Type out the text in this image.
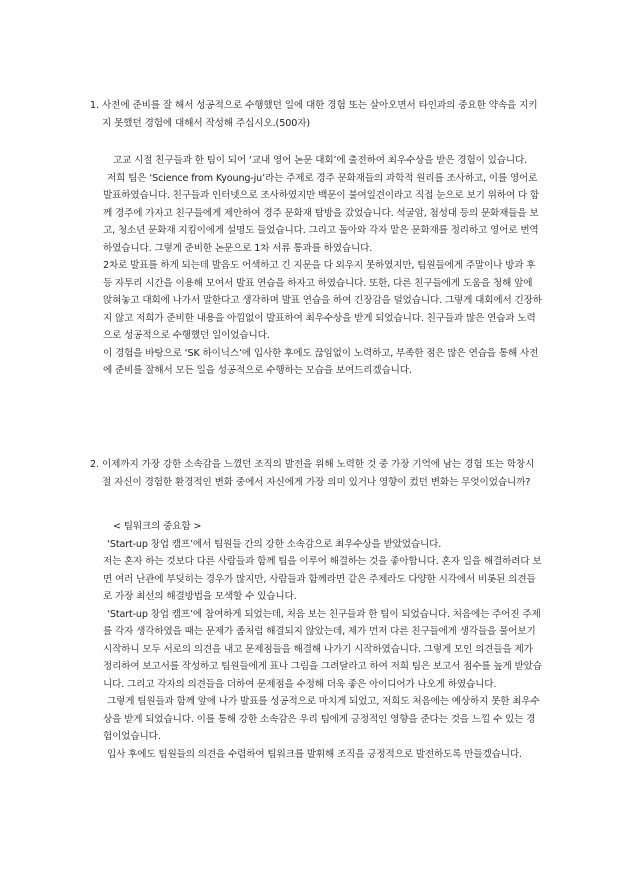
1. 사전에 준비를 잘 해서 성공적으로 수행했던 일에 대한 경험 또는 살아오면서 타인과의 중요한 약속을 지키지 못했던 경험에 대해서 작성해 주십시오.(500자)

고교 시절 친구들과 한 팀이 되어 ‘교내 영어 논문 대회’에 출전하여 최우수상을 받은 경험이 있습니다.

저희 팀은 ‘Science from Kyoung-ju’라는 주제로 경주 문화재들의 과학적 원리를 조사하고, 이를 영어로 발표하였습니다. 친구들과 인터넷으로 조사하였지만 백문이 불여일견이라고 직접 눈으로 보기 위하여 다 함께 경주에 가자고 친구들에게 제안하여 경주 문화재 탐방을 갔었습니다. 석굴암, 첨성대 등의 문화재들을 보고, 청소년 문화재 지킴이에게 설명도 들었습니다. 그리고 돌아와 각자 맡은 문화재를 정리하고 영어로 번역하였습니다. 그렇게 준비한 논문으로 1차 서류 통과를 하였습니다.

2차로 발표를 하게 되는데 발음도 어색하고 긴 지문을 다 외우지 못하였지만, 팀원들에게 주말이나 방과 후 등 자투리 시간을 이용해 모여서 발표 연습을 하자고 하였습니다. 또한, 다른 친구들에게 도움을 청해 앞에 앉혀놓고 대회에 나가서 말한다고 생각하며 발표 연습을 하여 긴장감을 덜었습니다. 그렇게 대회에서 긴장하지 않고 저희가 준비한 내용을 아낌없이 발표하여 최우수상을 받게 되었습니다. 친구들과 많은 연습과 노력으로 성공적으로 수행했던 일이었습니다.

이 경험을 바탕으로 ‘SK 하이닉스’에 입사한 후에도 끊임없이 노력하고, 부족한 점은 많은 연습을 통해 사전에 준비를 잘해서 모든 일을 성공적으로 수행하는 모습을 보여드리겠습니다.

2. 이제까지 가장 강한 소속감을 느꼈던 조직의 발전을 위해 노력한 것 중 가장 기억에 남는 경험 또는 학창시절 자신이 경험한 환경적인 변화 중에서 자신에게 가장 의미 있거나 영향이 컸던 변화는 무엇이었습니까?

< 팀워크의 중요함 >

‘Start-up 창업 캠프’에서 팀원들 간의 강한 소속감으로 최우수상을 받았었습니다.

저는 혼자 하는 것보다 다른 사람들과 함께 팀을 이루어 해결하는 것을 좋아합니다. 혼자 일을 해결하려다 보면 여러 난관에 부딪히는 경우가 많지만, 사람들과 함께라면 같은 주제라도 다양한 시각에서 비롯된 의견들로 가장 최선의 해결방법을 모색할 수 있습니다.

‘Start-up 창업 캠프’에 참여하게 되었는데, 처음 보는 친구들과 한 팀이 되었습니다. 처음에는 주어진 주제를 각자 생각하였을 때는 문제가 좀처럼 해결되지 않았는데, 제가 먼저 다른 친구들에게 생각들을 물어보기 시작하니 모두 서로의 의견을 내고 문제점들을 해결해 나가기 시작하였습니다. 그렇게 모인 의견들을 제가 정리하여 보고서를 작성하고 팀원들에게 표나 그림을 그려달라고 하여 저희 팀은 보고서 점수를 높게 받았습니다. 그리고 각자의 의견들을 더하여 문제점을 수정해 더욱 좋은 아이디어가 나오게 하였습니다.

그렇게 팀원들과 함께 앞에 나가 발표를 성공적으로 마치게 되었고, 저희도 처음에는 예상하지 못한 최우수상을 받게 되었습니다. 이를 통해 강한 소속감은 우리 팀에게 긍정적인 영향을 준다는 것을 느낄 수 있는 경험이었습니다.

입사 후에도 팀원들의 의견을 수렴하여 팀워크를 발휘해 조직을 긍정적으로 발전하도록 만들겠습니다.
